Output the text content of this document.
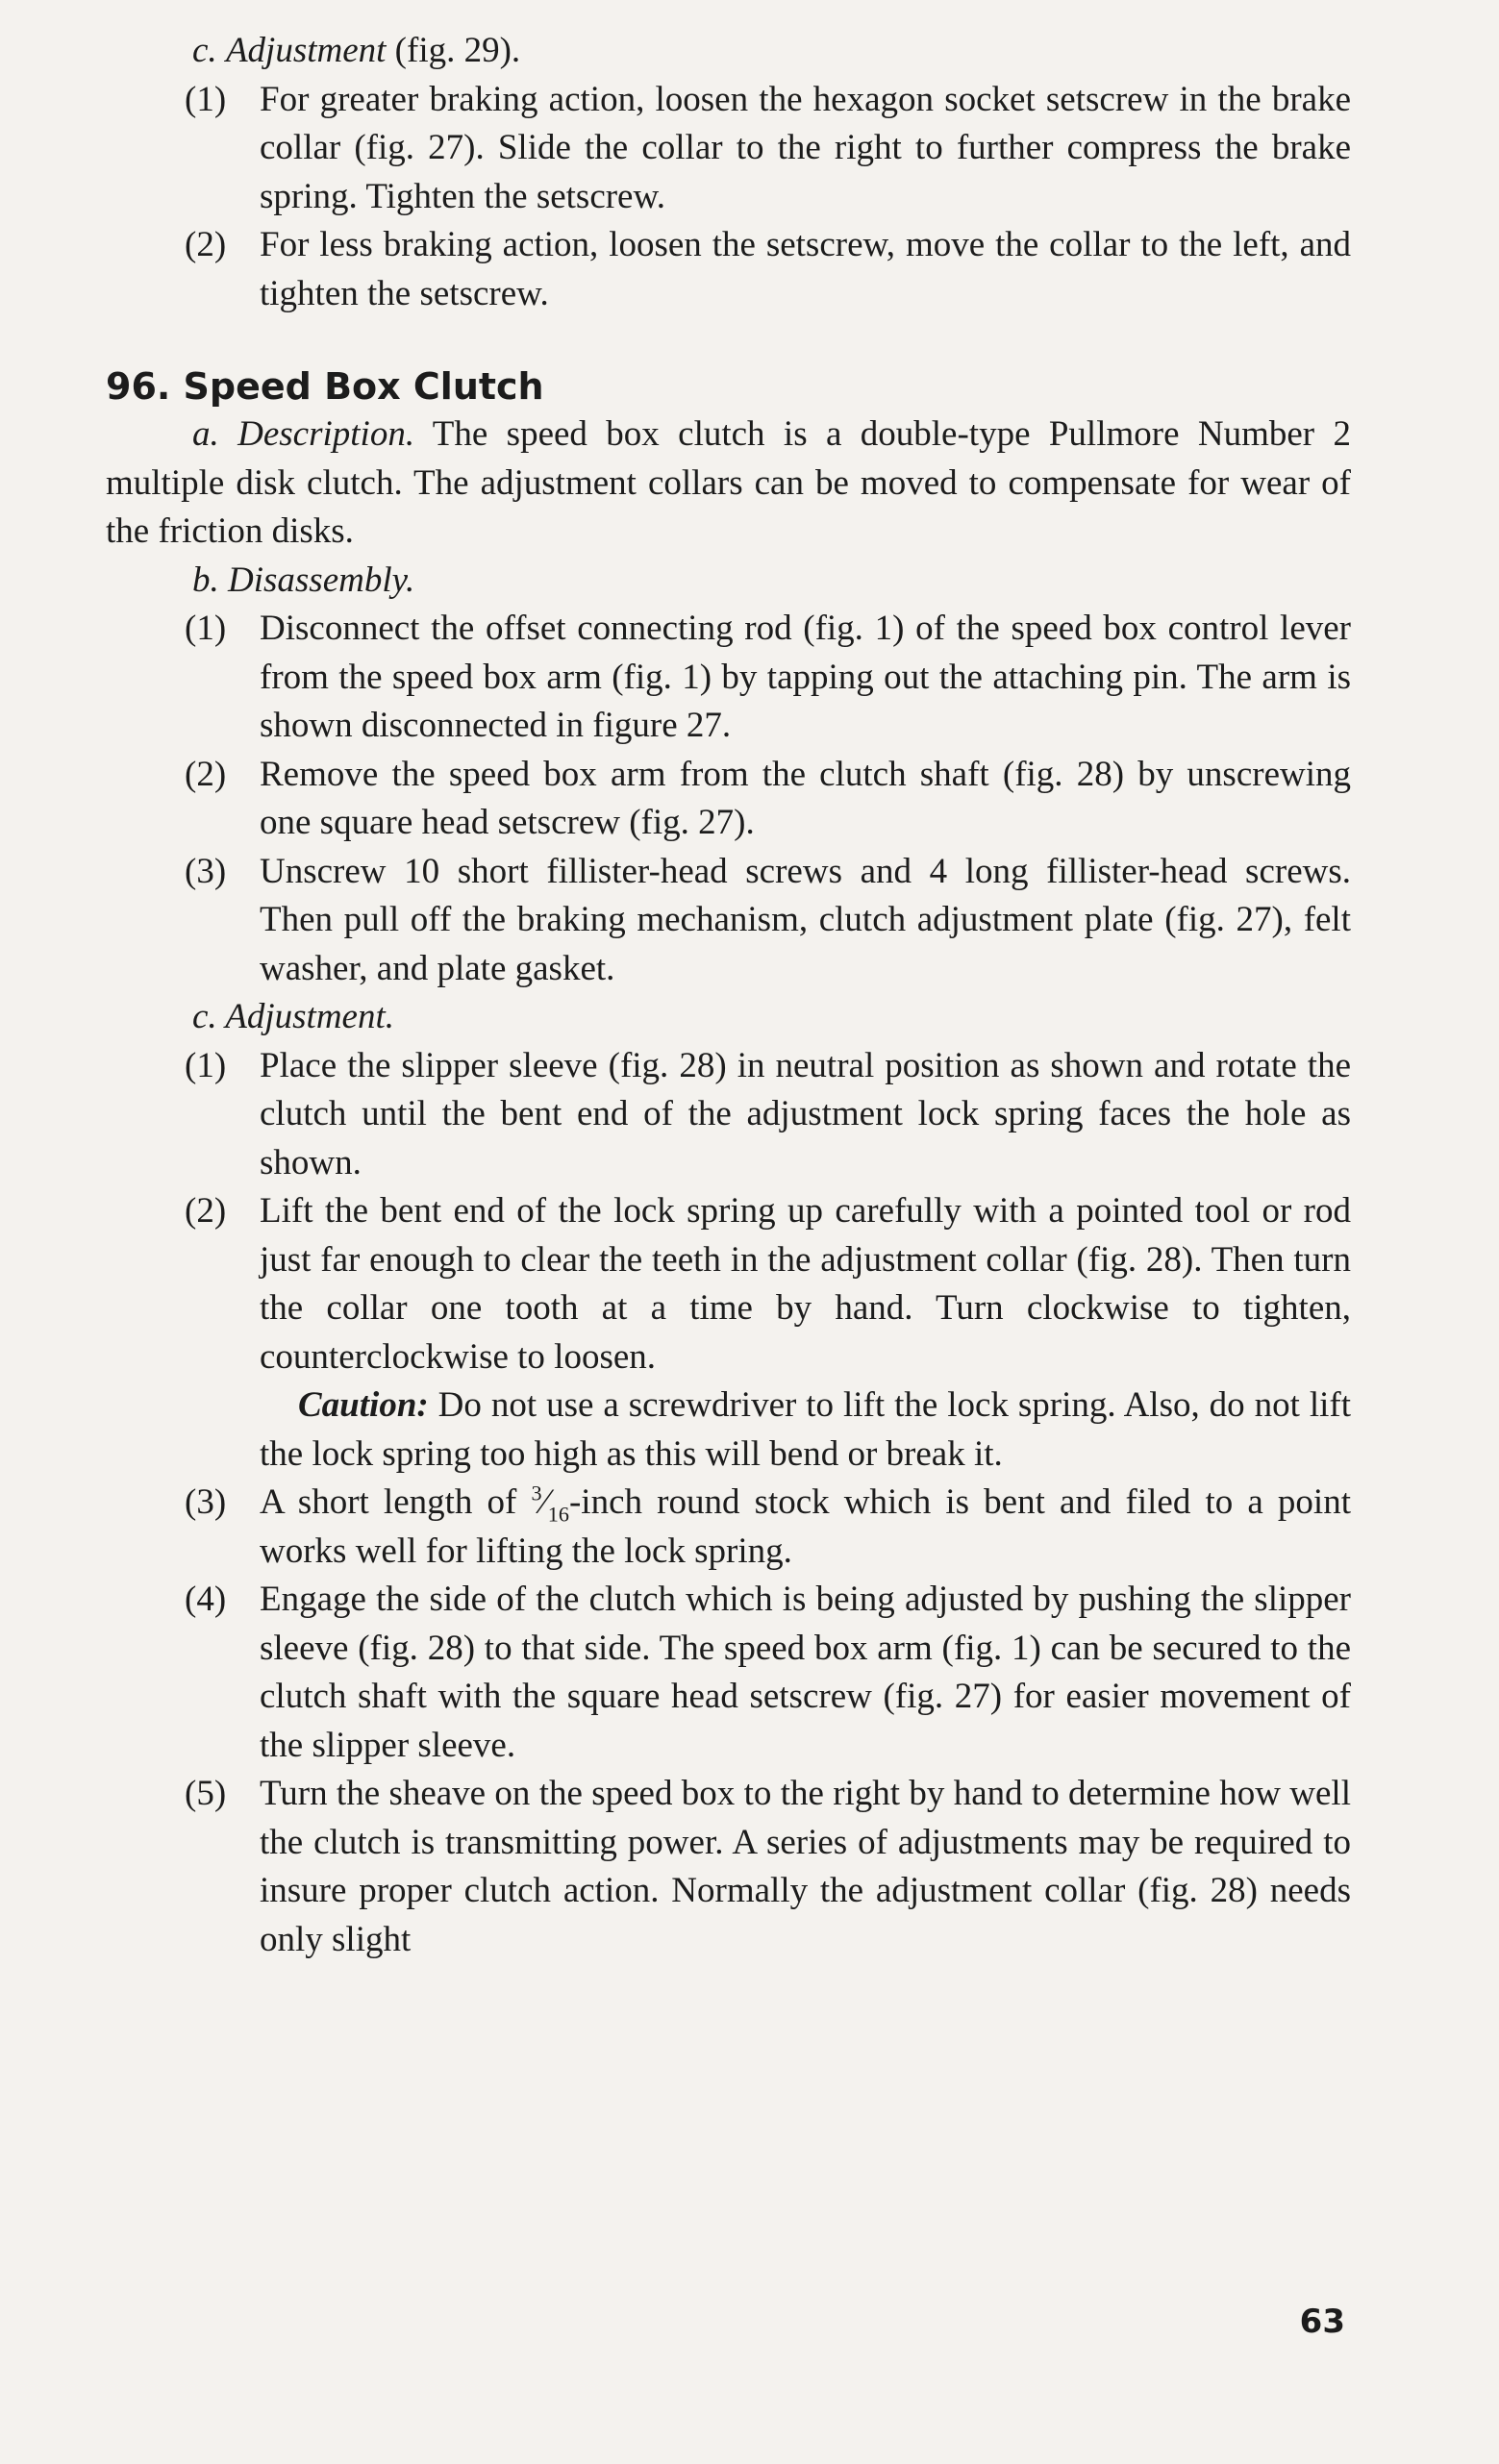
c. Adjustment (fig. 29).

(1) For greater braking action, loosen the hexagon socket setscrew in the brake collar (fig. 27). Slide the collar to the right to further compress the brake spring. Tighten the setscrew.
(2) For less braking action, loosen the setscrew, move the collar to the left, and tighten the setscrew.
96. Speed Box Clutch

a. Description. The speed box clutch is a double-type Pullmore Number 2 multiple disk clutch. The adjustment collars can be moved to compensate for wear of the friction disks.

b. Disassembly.

(1) Disconnect the offset connecting rod (fig. 1) of the speed box control lever from the speed box arm (fig. 1) by tapping out the attaching pin. The arm is shown disconnected in figure 27.
(2) Remove the speed box arm from the clutch shaft (fig. 28) by unscrewing one square head setscrew (fig. 27).
(3) Unscrew 10 short fillister-head screws and 4 long fillister-head screws. Then pull off the braking mechanism, clutch adjustment plate (fig. 27), felt washer, and plate gasket.

c. Adjustment.

(1) Place the slipper sleeve (fig. 28) in neutral position as shown and rotate the clutch until the bent end of the adjustment lock spring faces the hole as shown.
(2) Lift the bent end of the lock spring up carefully with a pointed tool or rod just far enough to clear the teeth in the adjustment collar (fig. 28). Then turn the collar one tooth at a time by hand. Turn clockwise to tighten, counterclockwise to loosen.

Caution: Do not use a screwdriver to lift the lock spring. Also, do not lift the lock spring too high as this will bend or break it.

(3) A short length of $^3⁄_{16}$-inch round stock which is bent and filed to a point works well for lifting the lock spring.
(4) Engage the side of the clutch which is being adjusted by pushing the slipper sleeve (fig. 28) to that side. The speed box arm (fig. 1) can be secured to the clutch shaft with the square head setscrew (fig. 27) for easier movement of the slipper sleeve.
(5) Turn the sheave on the speed box to the right by hand to determine how well the clutch is transmitting power. A series of adjustments may be required to insure proper clutch action. Normally the adjustment collar (fig. 28) needs only slight
63
